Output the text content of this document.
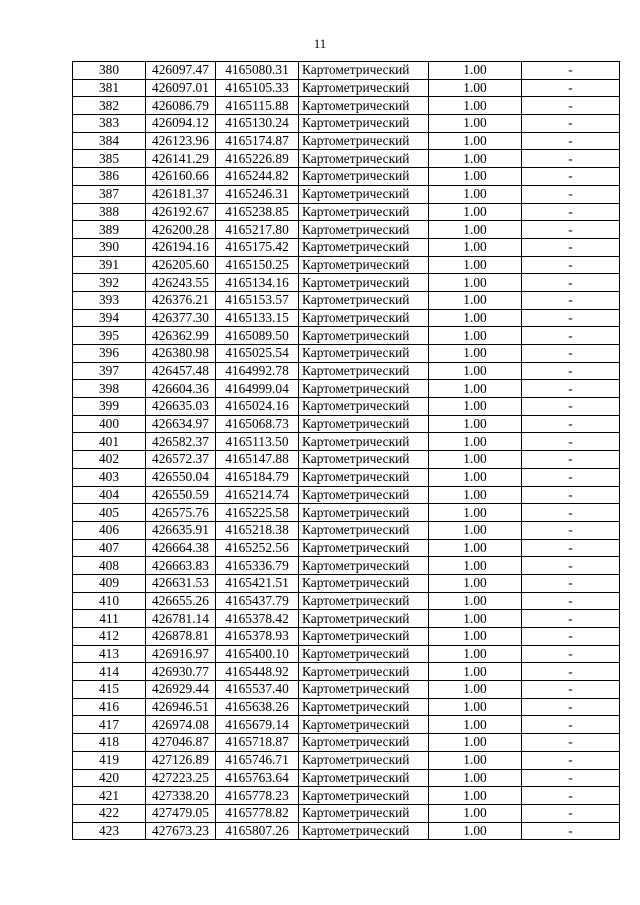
11
380	426097.47	4165080.31	Картометрический	1.00	-
381	426097.01	4165105.33	Картометрический	1.00	-
382	426086.79	4165115.88	Картометрический	1.00	-
383	426094.12	4165130.24	Картометрический	1.00	-
384	426123.96	4165174.87	Картометрический	1.00	-
385	426141.29	4165226.89	Картометрический	1.00	-
386	426160.66	4165244.82	Картометрический	1.00	-
387	426181.37	4165246.31	Картометрический	1.00	-
388	426192.67	4165238.85	Картометрический	1.00	-
389	426200.28	4165217.80	Картометрический	1.00	-
390	426194.16	4165175.42	Картометрический	1.00	-
391	426205.60	4165150.25	Картометрический	1.00	-
392	426243.55	4165134.16	Картометрический	1.00	-
393	426376.21	4165153.57	Картометрический	1.00	-
394	426377.30	4165133.15	Картометрический	1.00	-
395	426362.99	4165089.50	Картометрический	1.00	-
396	426380.98	4165025.54	Картометрический	1.00	-
397	426457.48	4164992.78	Картометрический	1.00	-
398	426604.36	4164999.04	Картометрический	1.00	-
399	426635.03	4165024.16	Картометрический	1.00	-
400	426634.97	4165068.73	Картометрический	1.00	-
401	426582.37	4165113.50	Картометрический	1.00	-
402	426572.37	4165147.88	Картометрический	1.00	-
403	426550.04	4165184.79	Картометрический	1.00	-
404	426550.59	4165214.74	Картометрический	1.00	-
405	426575.76	4165225.58	Картометрический	1.00	-
406	426635.91	4165218.38	Картометрический	1.00	-
407	426664.38	4165252.56	Картометрический	1.00	-
408	426663.83	4165336.79	Картометрический	1.00	-
409	426631.53	4165421.51	Картометрический	1.00	-
410	426655.26	4165437.79	Картометрический	1.00	-
411	426781.14	4165378.42	Картометрический	1.00	-
412	426878.81	4165378.93	Картометрический	1.00	-
413	426916.97	4165400.10	Картометрический	1.00	-
414	426930.77	4165448.92	Картометрический	1.00	-
415	426929.44	4165537.40	Картометрический	1.00	-
416	426946.51	4165638.26	Картометрический	1.00	-
417	426974.08	4165679.14	Картометрический	1.00	-
418	427046.87	4165718.87	Картометрический	1.00	-
419	427126.89	4165746.71	Картометрический	1.00	-
420	427223.25	4165763.64	Картометрический	1.00	-
421	427338.20	4165778.23	Картометрический	1.00	-
422	427479.05	4165778.82	Картометрический	1.00	-
423	427673.23	4165807.26	Картометрический	1.00	-
